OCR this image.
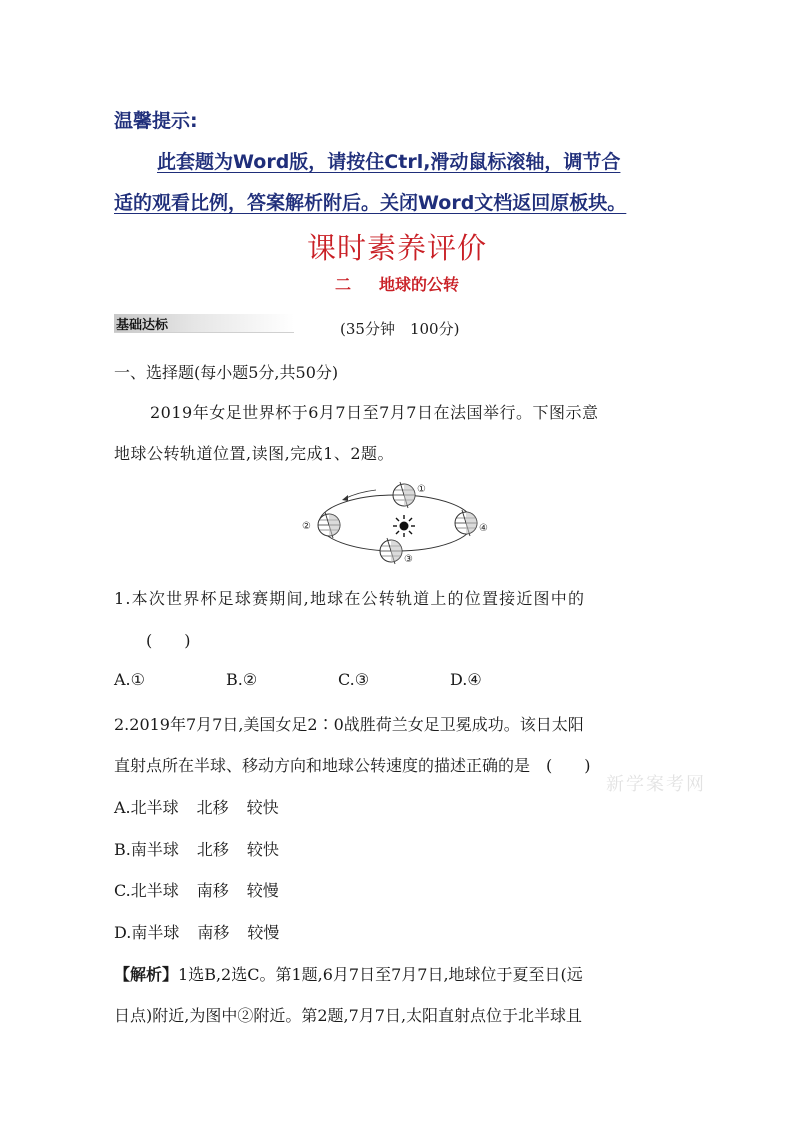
温馨提示:
此套题为Word版，请按住Ctrl,滑动鼠标滚轴，调节合
适的观看比例，答案解析附后。关闭Word文档返回原板块。
课时素养评价
二 地球的公转
基础达标	(35分钟　100分)
一、选择题(每小题5分,共50分)
2019年女足世界杯于6月7日至7月7日在法国举行。下图示意
地球公转轨道位置,读图,完成1、2题。
①
②
③
④
1.本次世界杯足球赛期间,地球在公转轨道上的位置接近图中的
(　　)
A.①	B.②	C.③	D.④
2.2019年7月7日,美国女足2∶0战胜荷兰女足卫冕成功。该日太阳
直射点所在半球、移动方向和地球公转速度的描述正确的是　(　　)
A.北半球 北移 较快
B.南半球 北移 较快
C.北半球 南移 较慢
D.南半球 南移 较慢
【解析】1选B,2选C。第1题,6月7日至7月7日,地球位于夏至日(远
日点)附近,为图中②附近。第2题,7月7日,太阳直射点位于北半球且
新学案考网
